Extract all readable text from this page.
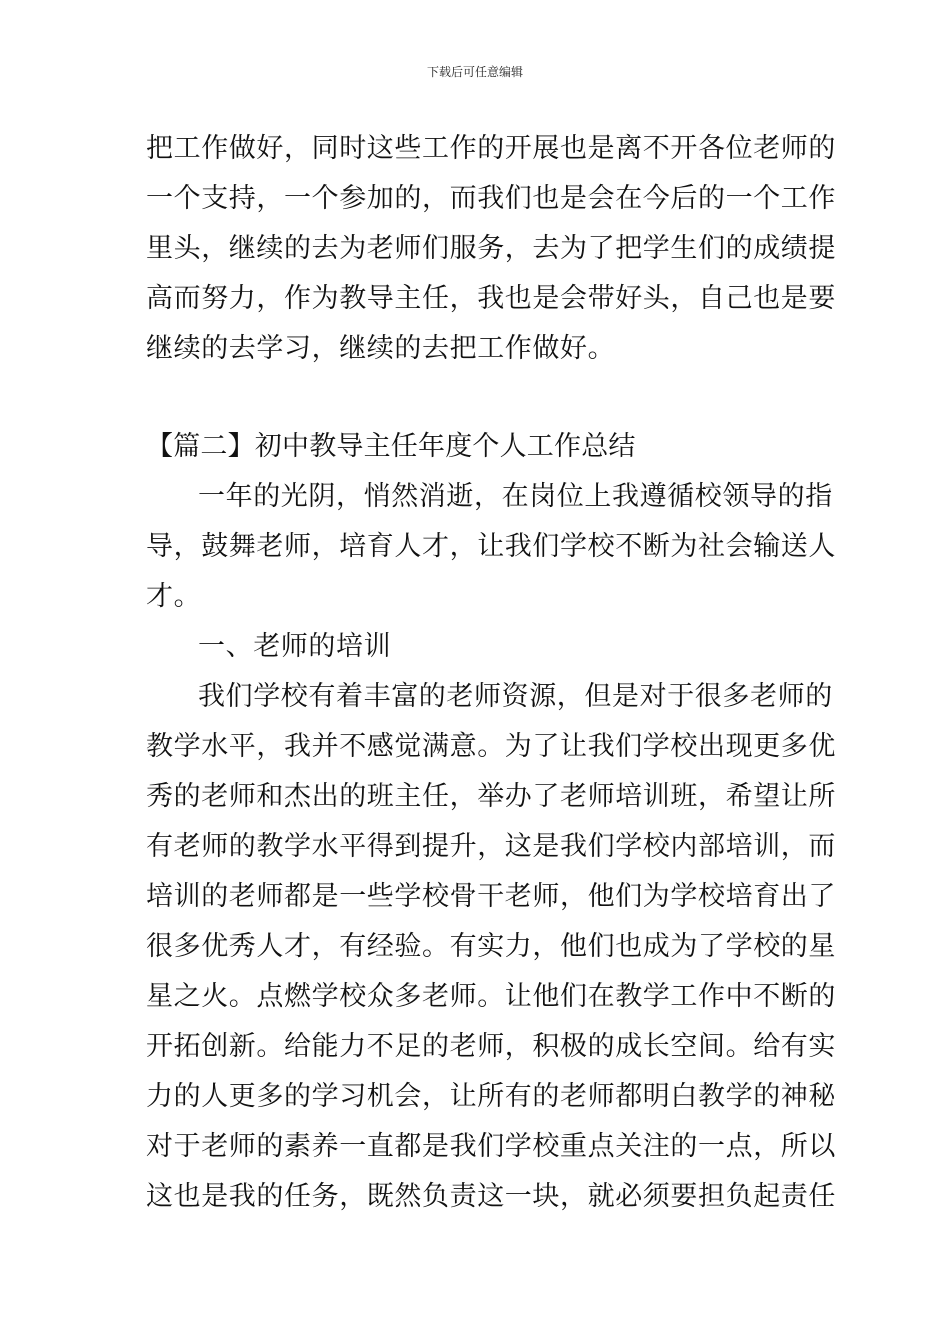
下载后可任意编辑
把工作做好，同时这些工作的开展也是离不开各位老师的
一个支持，一个参加的，而我们也是会在今后的一个工作
里头，继续的去为老师们服务，去为了把学生们的成绩提
高而努力，作为教导主任，我也是会带好头，自己也是要
继续的去学习，继续的去把工作做好。
【篇二】初中教导主任年度个人工作总结
一年的光阴，悄然消逝，在岗位上我遵循校领导的指
导，鼓舞老师，培育人才，让我们学校不断为社会输送人
才。
一、老师的培训
我们学校有着丰富的老师资源，但是对于很多老师的
教学水平，我并不感觉满意。为了让我们学校出现更多优
秀的老师和杰出的班主任，举办了老师培训班，希望让所
有老师的教学水平得到提升，这是我们学校内部培训，而
培训的老师都是一些学校骨干老师，他们为学校培育出了
很多优秀人才，有经验。有实力，他们也成为了学校的星
星之火。点燃学校众多老师。让他们在教学工作中不断的
开拓创新。给能力不足的老师，积极的成长空间。给有实
力的人更多的学习机会，让所有的老师都明白教学的神秘
对于老师的素养一直都是我们学校重点关注的一点，所以
这也是我的任务，既然负责这一块，就必须要担负起责任
